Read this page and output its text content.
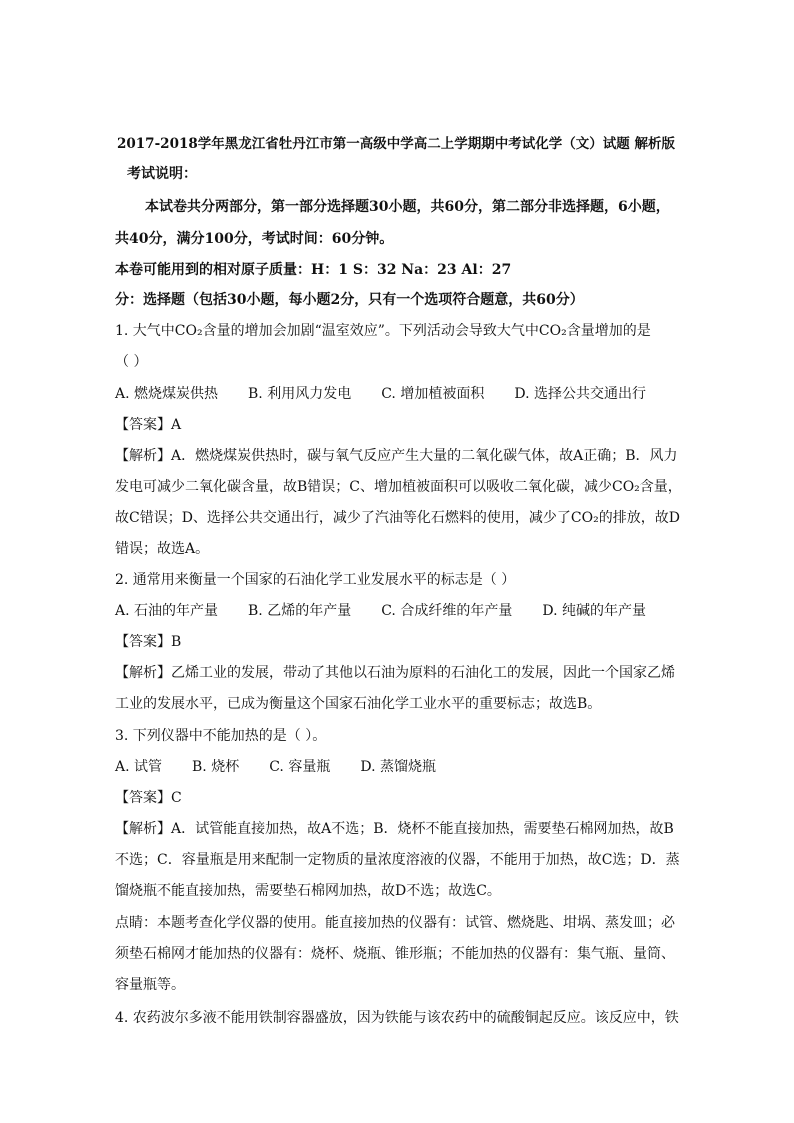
2017-2018学年黑龙江省牡丹江市第一高级中学高二上学期期中考试化学（文）试题 解析版
考试说明：
本试卷共分两部分，第一部分选择题30小题，共60分，第二部分非选择题，6小题，
共40分，满分100分，考试时间：60分钟。
本卷可能用到的相对原子质量：H：1 S：32 Na：23 Al：27
分：选择题（包括30小题，每小题2分，只有一个选项符合题意，共60分）
1. 大气中CO₂含量的增加会加剧“温室效应”。下列活动会导致大气中CO₂含量增加的是
（ ）
A. 燃烧煤炭供热 B. 利用风力发电 C. 增加植被面积 D. 选择公共交通出行
【答案】A
【解析】A．燃烧煤炭供热时，碳与氧气反应产生大量的二氧化碳气体，故A正确；B．风力
发电可减少二氧化碳含量，故B错误；C、增加植被面积可以吸收二氧化碳，减少CO₂含量，
故C错误；D、选择公共交通出行，减少了汽油等化石燃料的使用，减少了CO₂的排放，故D
错误；故选A。
2. 通常用来衡量一个国家的石油化学工业发展水平的标志是（ ）
A. 石油的年产量 B. 乙烯的年产量 C. 合成纤维的年产量 D. 纯碱的年产量
【答案】B
【解析】乙烯工业的发展，带动了其他以石油为原料的石油化工的发展，因此一个国家乙烯
工业的发展水平，已成为衡量这个国家石油化学工业水平的重要标志；故选B。
3. 下列仪器中不能加热的是（ ）。
A. 试管 B. 烧杯 C. 容量瓶 D. 蒸馏烧瓶
【答案】C
【解析】A．试管能直接加热，故A不选；B．烧杯不能直接加热，需要垫石棉网加热，故B
不选；C．容量瓶是用来配制一定物质的量浓度溶液的仪器，不能用于加热，故C选；D．蒸
馏烧瓶不能直接加热，需要垫石棉网加热，故D不选；故选C。
点睛：本题考查化学仪器的使用。能直接加热的仪器有：试管、燃烧匙、坩埚、蒸发皿；必
须垫石棉网才能加热的仪器有：烧杯、烧瓶、锥形瓶；不能加热的仪器有：集气瓶、量筒、
容量瓶等。
4. 农药波尔多液不能用铁制容器盛放，因为铁能与该农药中的硫酸铜起反应。该反应中，铁
